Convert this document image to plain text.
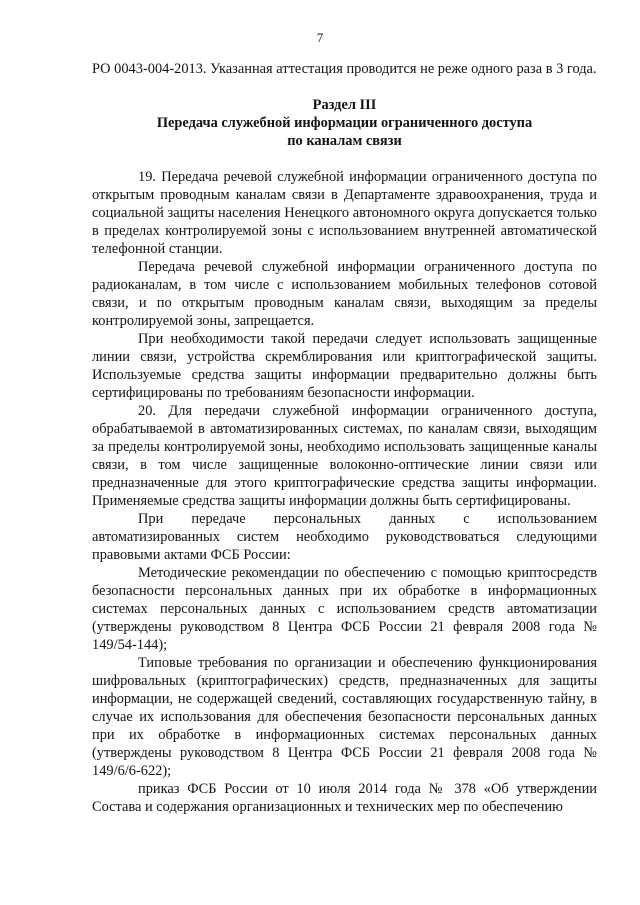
7

РО 0043-004-2013. Указанная аттестация проводится не реже одного раза в 3 года.

Раздел III
Передача служебной информации ограниченного доступа
по каналам связи

19. Передача речевой служебной информации ограниченного доступа по открытым проводным каналам связи в Департаменте здравоохранения, труда и социальной защиты населения Ненецкого автономного округа допускается только в пределах контролируемой зоны с использованием внутренней автоматической телефонной станции.

Передача речевой служебной информации ограниченного доступа по радиоканалам, в том числе с использованием мобильных телефонов сотовой связи, и по открытым проводным каналам связи, выходящим за пределы контролируемой зоны, запрещается.

При необходимости такой передачи следует использовать защищенные линии связи, устройства скремблирования или криптографической защиты. Используемые средства защиты информации предварительно должны быть сертифицированы по требованиям безопасности информации.

20. Для передачи служебной информации ограниченного доступа, обрабатываемой в автоматизированных системах, по каналам связи, выходящим за пределы контролируемой зоны, необходимо использовать защищенные каналы связи, в том числе защищенные волоконно-оптические линии связи или предназначенные для этого криптографические средства защиты информации. Применяемые средства защиты информации должны быть сертифицированы.

При передаче персональных данных с использованием автоматизированных систем необходимо руководствоваться следующими правовыми актами ФСБ России:

Методические рекомендации по обеспечению с помощью криптосредств безопасности персональных данных при их обработке в информационных системах персональных данных с использованием средств автоматизации (утверждены руководством 8 Центра ФСБ России 21 февраля 2008 года № 149/54-144);

Типовые требования по организации и обеспечению функционирования шифровальных (криптографических) средств, предназначенных для защиты информации, не содержащей сведений, составляющих государственную тайну, в случае их использования для обеспечения безопасности персональных данных при их обработке в информационных системах персональных данных (утверждены руководством 8 Центра ФСБ России 21 февраля 2008 года № 149/6/6-622);

приказ ФСБ России от 10 июля 2014 года № 378 «Об утверждении Состава и содержания организационных и технических мер по обеспечению
